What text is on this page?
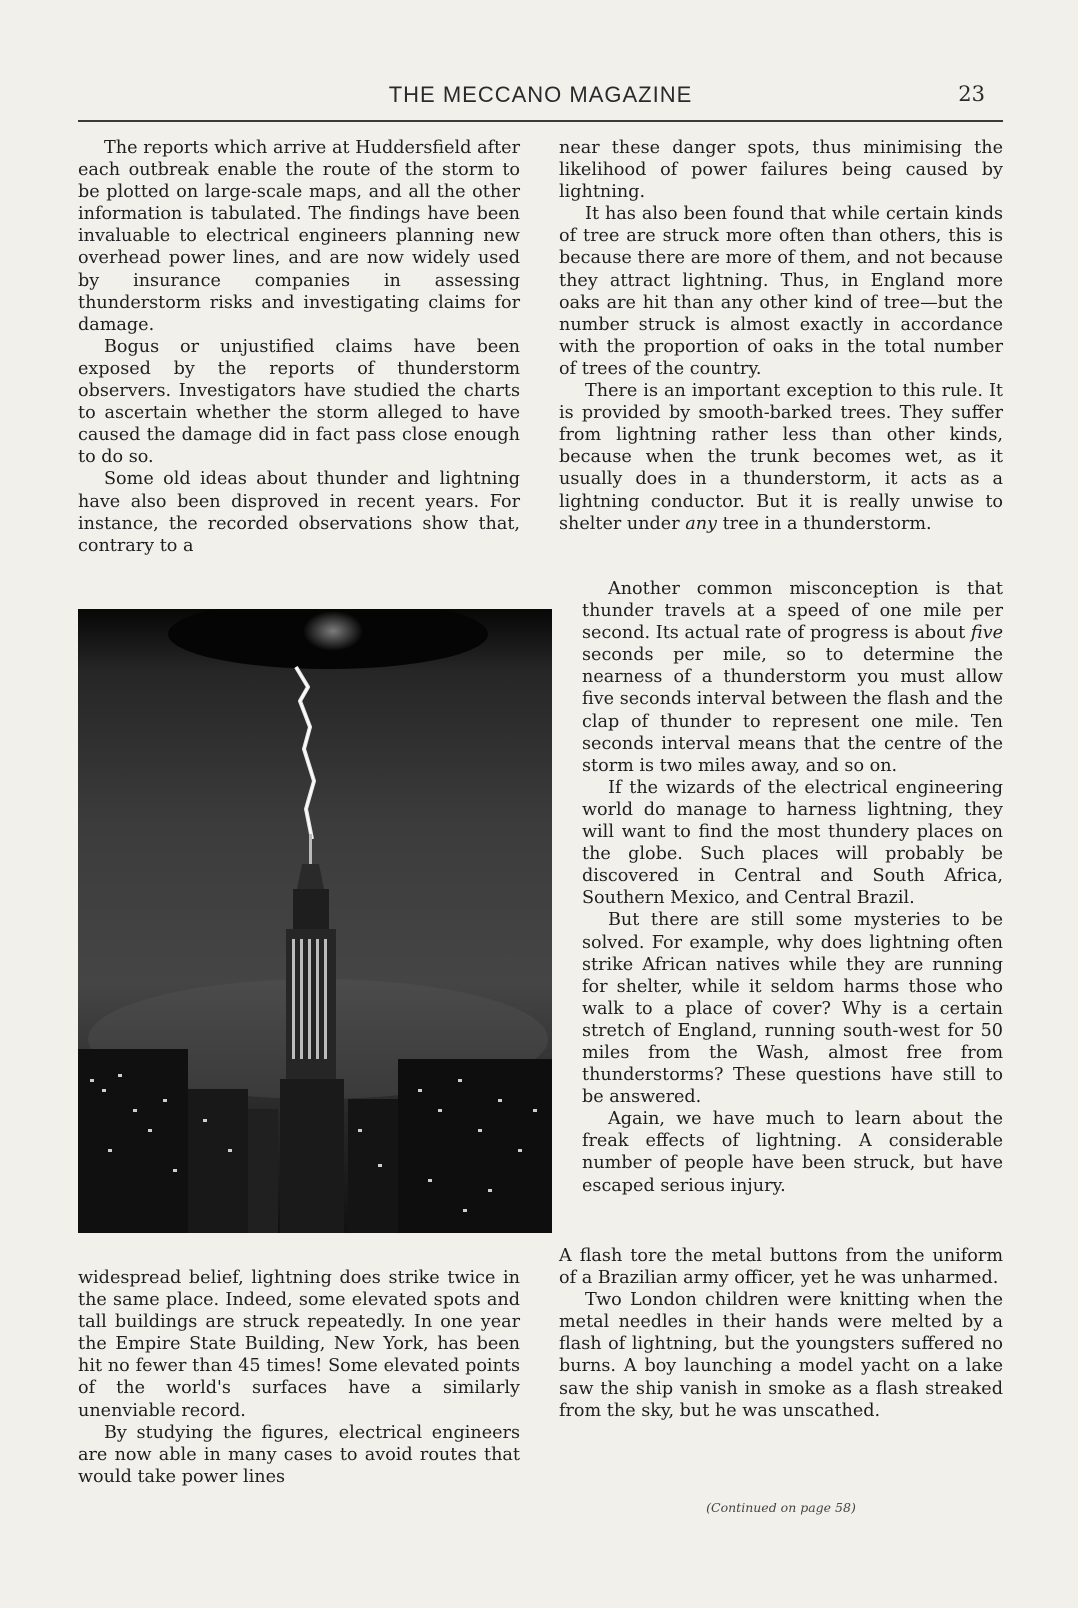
THE MECCANO MAGAZINE	23

The reports which arrive at Huddersfield after each outbreak enable the route of the storm to be plotted on large-scale maps, and all the other information is tabulated. The findings have been invaluable to electrical engineers planning new overhead power lines, and are now widely used by insurance companies in assessing thunderstorm risks and investigating claims for damage.

Bogus or unjustified claims have been exposed by the reports of thunderstorm observers. Investigators have studied the charts to ascertain whether the storm alleged to have caused the damage did in fact pass close enough to do so.

Some old ideas about thunder and lightning have also been disproved in recent years. For instance, the recorded observations show that, contrary to a

widespread belief, lightning does strike twice in the same place. Indeed, some elevated spots and tall buildings are struck repeatedly. In one year the Empire State Building, New York, has been hit no fewer than 45 times! Some elevated points of the world's surfaces have a similarly unenviable record.

By studying the figures, electrical engineers are now able in many cases to avoid routes that would take power lines

near these danger spots, thus minimising the likelihood of power failures being caused by lightning.

It has also been found that while certain kinds of tree are struck more often than others, this is because there are more of them, and not because they attract lightning. Thus, in England more oaks are hit than any other kind of tree—but the number struck is almost exactly in accordance with the proportion of oaks in the total number of trees of the country.

There is an important exception to this rule. It is provided by smooth-barked trees. They suffer from lightning rather less than other kinds, because when the trunk becomes wet, as it usually does in a thunderstorm, it acts as a lightning conductor. But it is really unwise to shelter under any tree in a thunderstorm.

Another common misconception is that thunder travels at a speed of one mile per second. Its actual rate of progress is about five seconds per mile, so to determine the nearness of a thunderstorm you must allow five seconds interval between the flash and the clap of thunder to represent one mile. Ten seconds interval means that the centre of the storm is two miles away, and so on.

If the wizards of the electrical engineering world do manage to harness lightning, they will want to find the most thundery places on the globe. Such places will probably be discovered in Central and South Africa, Southern Mexico, and Central Brazil.

But there are still some mysteries to be solved. For example, why does lightning often strike African natives while they are running for shelter, while it seldom harms those who walk to a place of cover? Why is a certain stretch of England, running south-west for 50 miles from the Wash, almost free from thunderstorms? These questions have still to be answered.

Again, we have much to learn about the freak effects of lightning. A considerable number of people have been struck, but have escaped serious injury.

A flash tore the metal buttons from the uniform of a Brazilian army officer, yet he was unharmed.

Two London children were knitting when the metal needles in their hands were melted by a flash of lightning, but the youngsters suffered no burns. A boy launching a model yacht on a lake saw the ship vanish in smoke as a flash streaked from the sky, but he was unscathed.

(Continued on page 58)
